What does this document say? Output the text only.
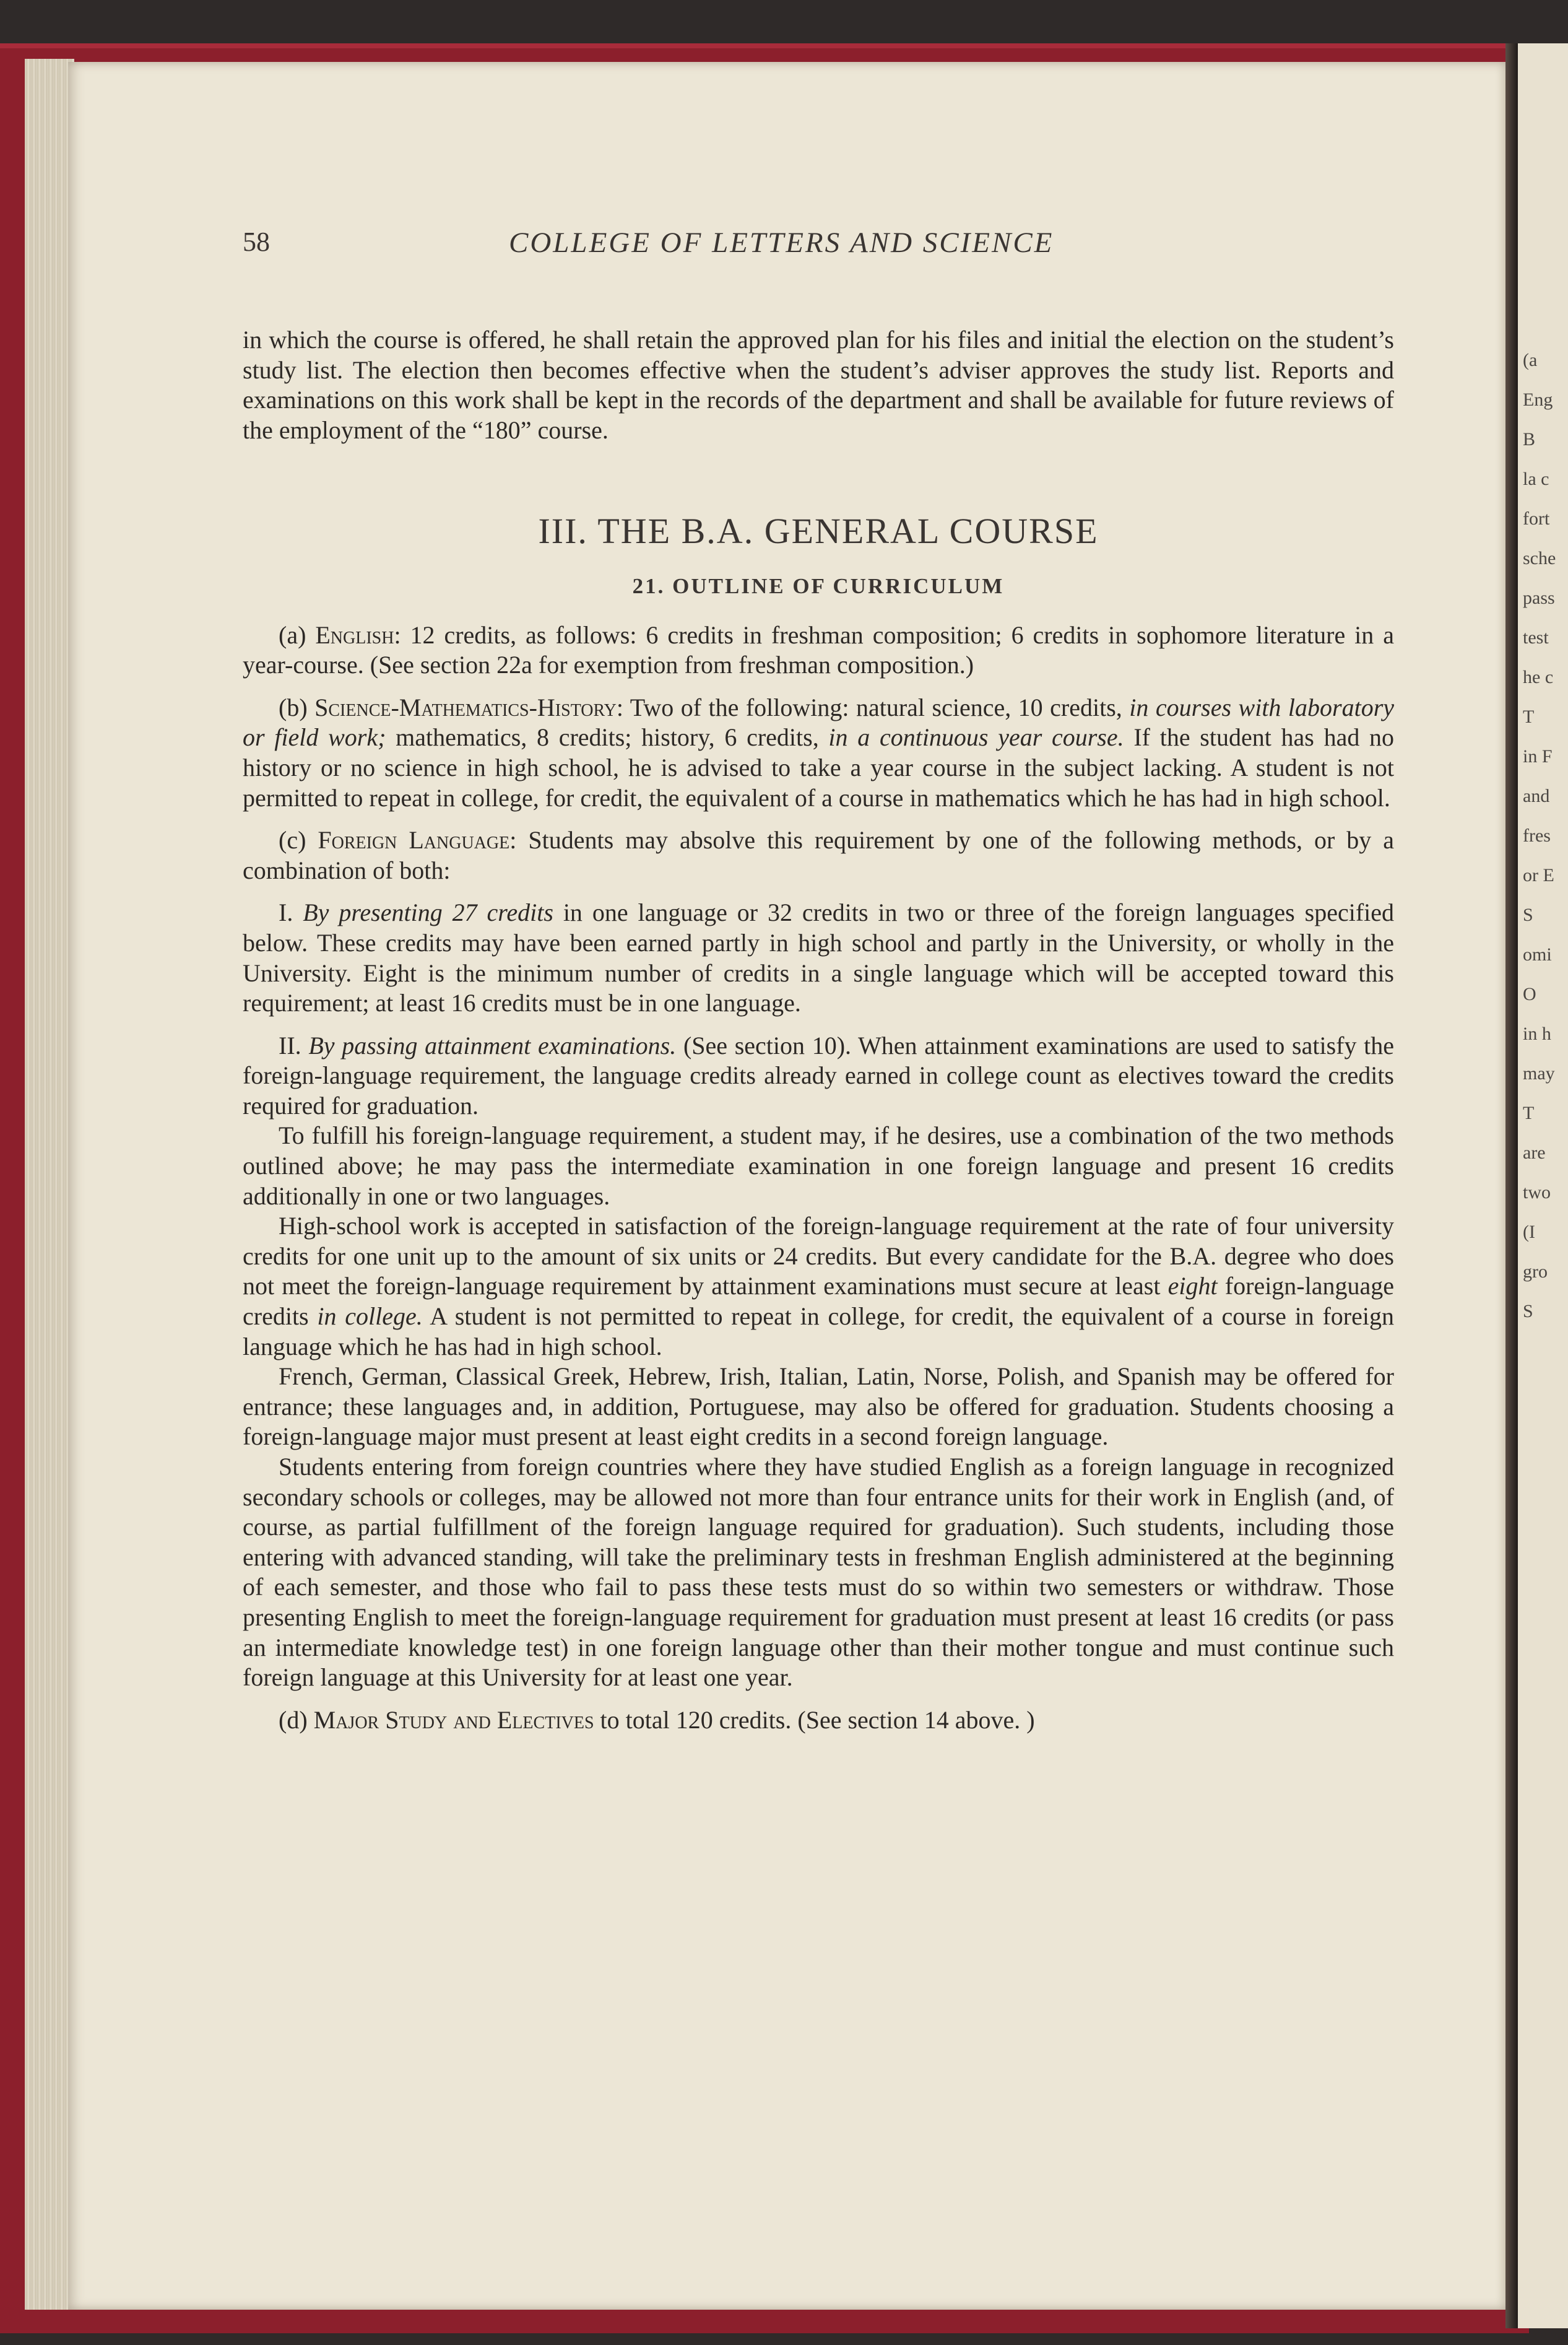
(a
Eng
B
la c
fort
sche
pass
test
he c
T
in F
and
fres
or E
S
omi
O
in h
may
T
are
two
(I
gro
S
58	COLLEGE OF LETTERS AND SCIENCE

in which the course is offered, he shall retain the approved plan for his files and initial the election on the student’s study list. The election then becomes effective when the student’s adviser approves the study list. Reports and examinations on this work shall be kept in the records of the department and shall be available for future reviews of the employment of the “180” course.

III. THE B.A. GENERAL COURSE
21. OUTLINE OF CURRICULUM

(a) English: 12 credits, as follows: 6 credits in freshman composition; 6 credits in sophomore literature in a year-course. (See section 22a for exemption from freshman composition.)

(b) Science-Mathematics-History: Two of the following: natural science, 10 credits, in courses with laboratory or field work; mathematics, 8 credits; history, 6 credits, in a continuous year course. If the student has had no history or no science in high school, he is advised to take a year course in the subject lacking. A student is not permitted to repeat in college, for credit, the equivalent of a course in mathematics which he has had in high school.

(c) Foreign Language: Students may absolve this requirement by one of the following methods, or by a combination of both:

I. By presenting 27 credits in one language or 32 credits in two or three of the foreign languages specified below. These credits may have been earned partly in high school and partly in the University, or wholly in the University. Eight is the minimum number of credits in a single language which will be accepted toward this requirement; at least 16 credits must be in one language.

II. By passing attainment examinations. (See section 10). When attainment examinations are used to satisfy the foreign-language requirement, the language credits already earned in college count as electives toward the credits required for graduation.

To fulfill his foreign-language requirement, a student may, if he desires, use a combination of the two methods outlined above; he may pass the intermediate examination in one foreign language and present 16 credits additionally in one or two languages.

High-school work is accepted in satisfaction of the foreign-language requirement at the rate of four university credits for one unit up to the amount of six units or 24 credits. But every candidate for the B.A. degree who does not meet the foreign-language requirement by attainment examinations must secure at least eight foreign-language credits in college. A student is not permitted to repeat in college, for credit, the equivalent of a course in foreign language which he has had in high school.

French, German, Classical Greek, Hebrew, Irish, Italian, Latin, Norse, Polish, and Spanish may be offered for entrance; these languages and, in addition, Portuguese, may also be offered for graduation. Students choosing a foreign-language major must present at least eight credits in a second foreign language.

Students entering from foreign countries where they have studied English as a foreign language in recognized secondary schools or colleges, may be allowed not more than four entrance units for their work in English (and, of course, as partial fulfillment of the foreign language required for graduation). Such students, including those entering with advanced standing, will take the preliminary tests in freshman English administered at the beginning of each semester, and those who fail to pass these tests must do so within two semesters or withdraw. Those presenting English to meet the foreign-language requirement for graduation must present at least 16 credits (or pass an intermediate knowledge test) in one foreign language other than their mother tongue and must continue such foreign language at this University for at least one year.

(d) Major Study and Electives to total 120 credits. (See section 14 above. )
